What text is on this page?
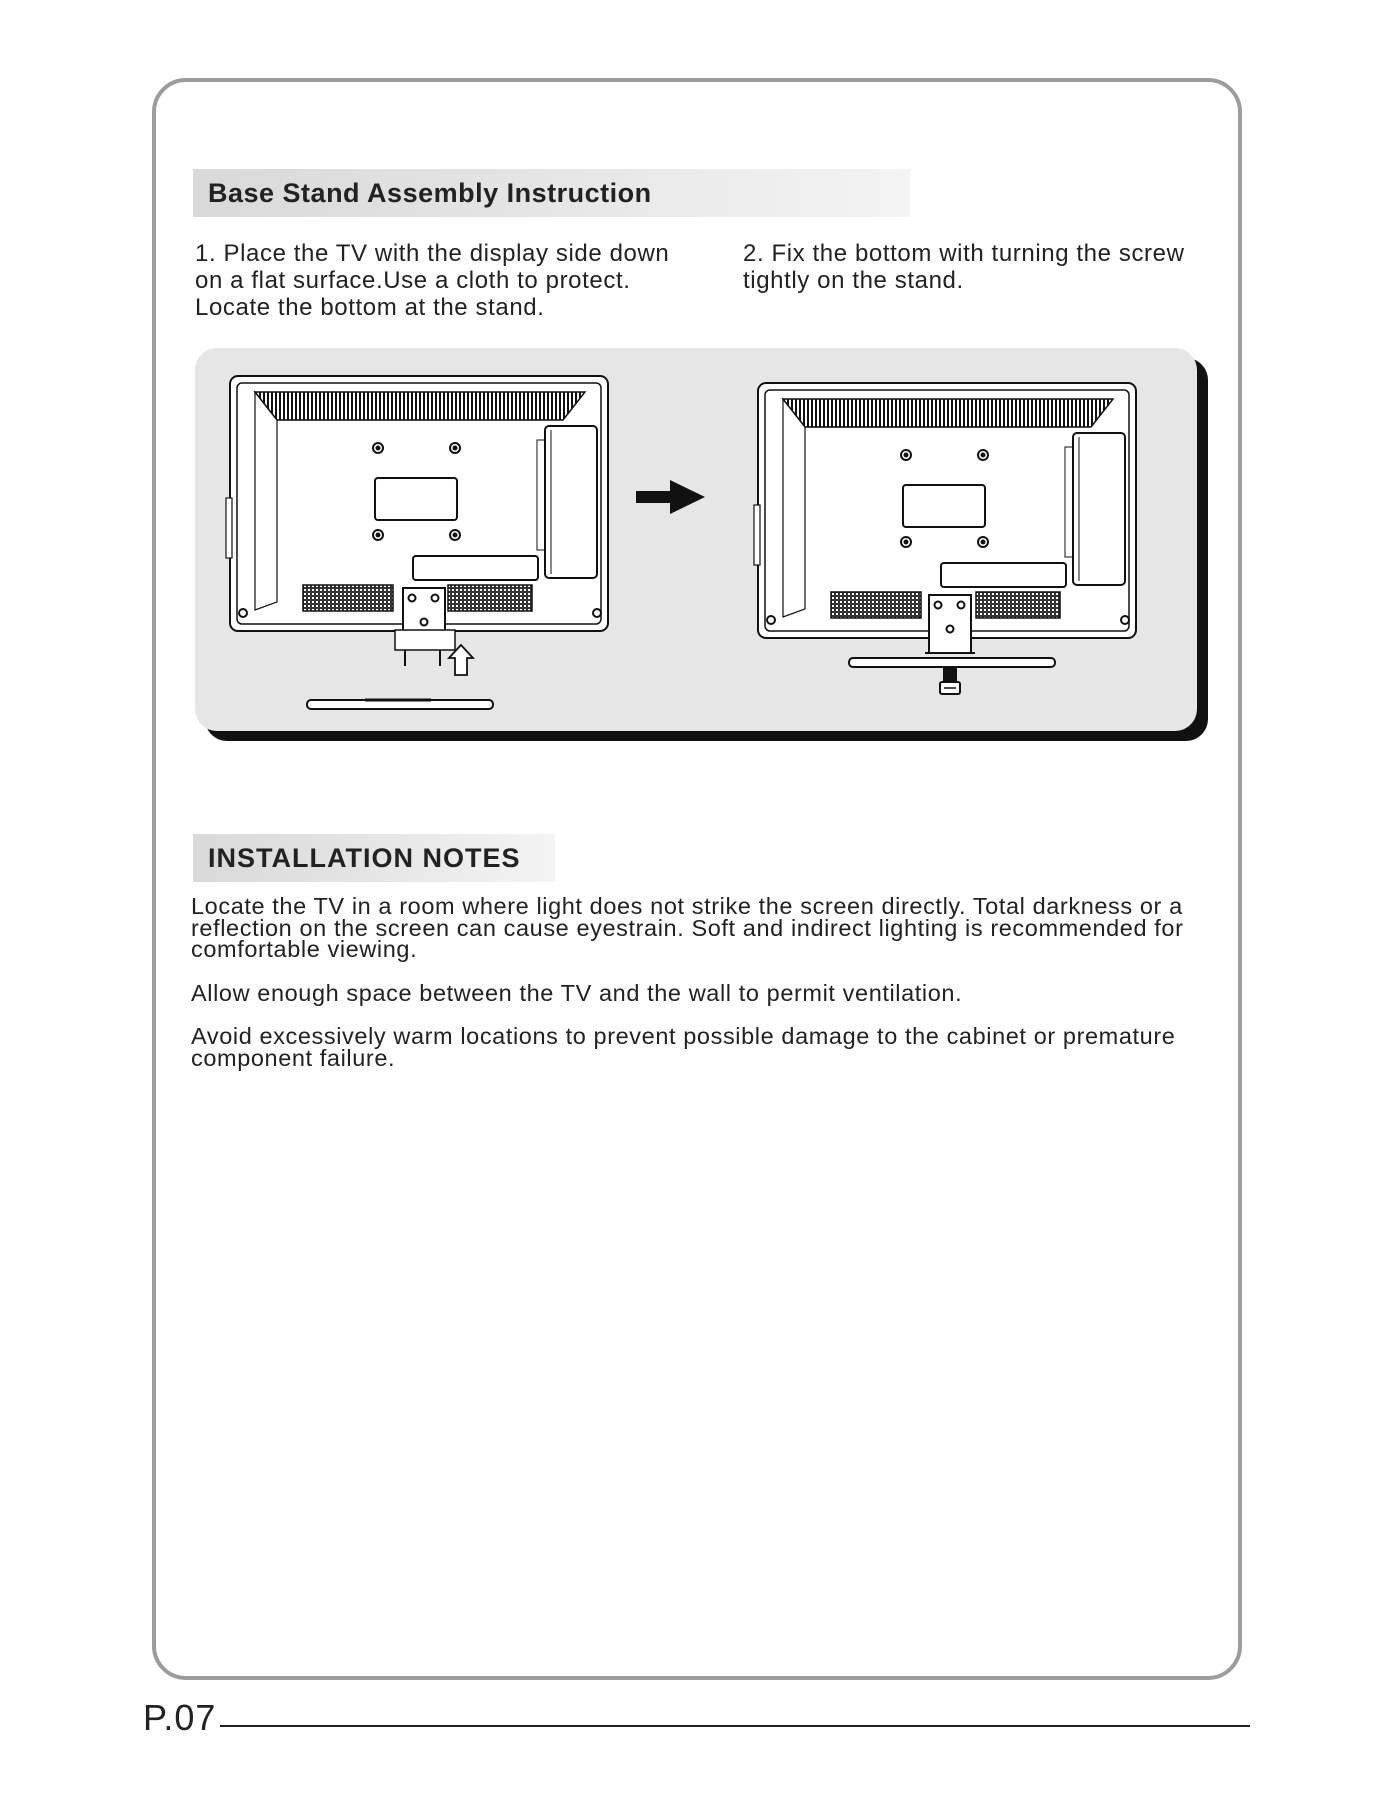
Base Stand Assembly Instruction
1. Place the TV with the display side down
on a flat surface.Use a cloth to protect.
Locate the bottom at the stand.
2. Fix the bottom with turning the screw
tightly on the stand.
INSTALLATION NOTES

Locate the TV in a room where light does not strike the screen directly. Total darkness or a reflection on the screen can cause eyestrain. Soft and indirect lighting is recommended for comfortable viewing.

Allow enough space between the TV and the wall to permit ventilation.

Avoid excessively warm locations to prevent possible damage to the cabinet or premature component failure.

P.07
